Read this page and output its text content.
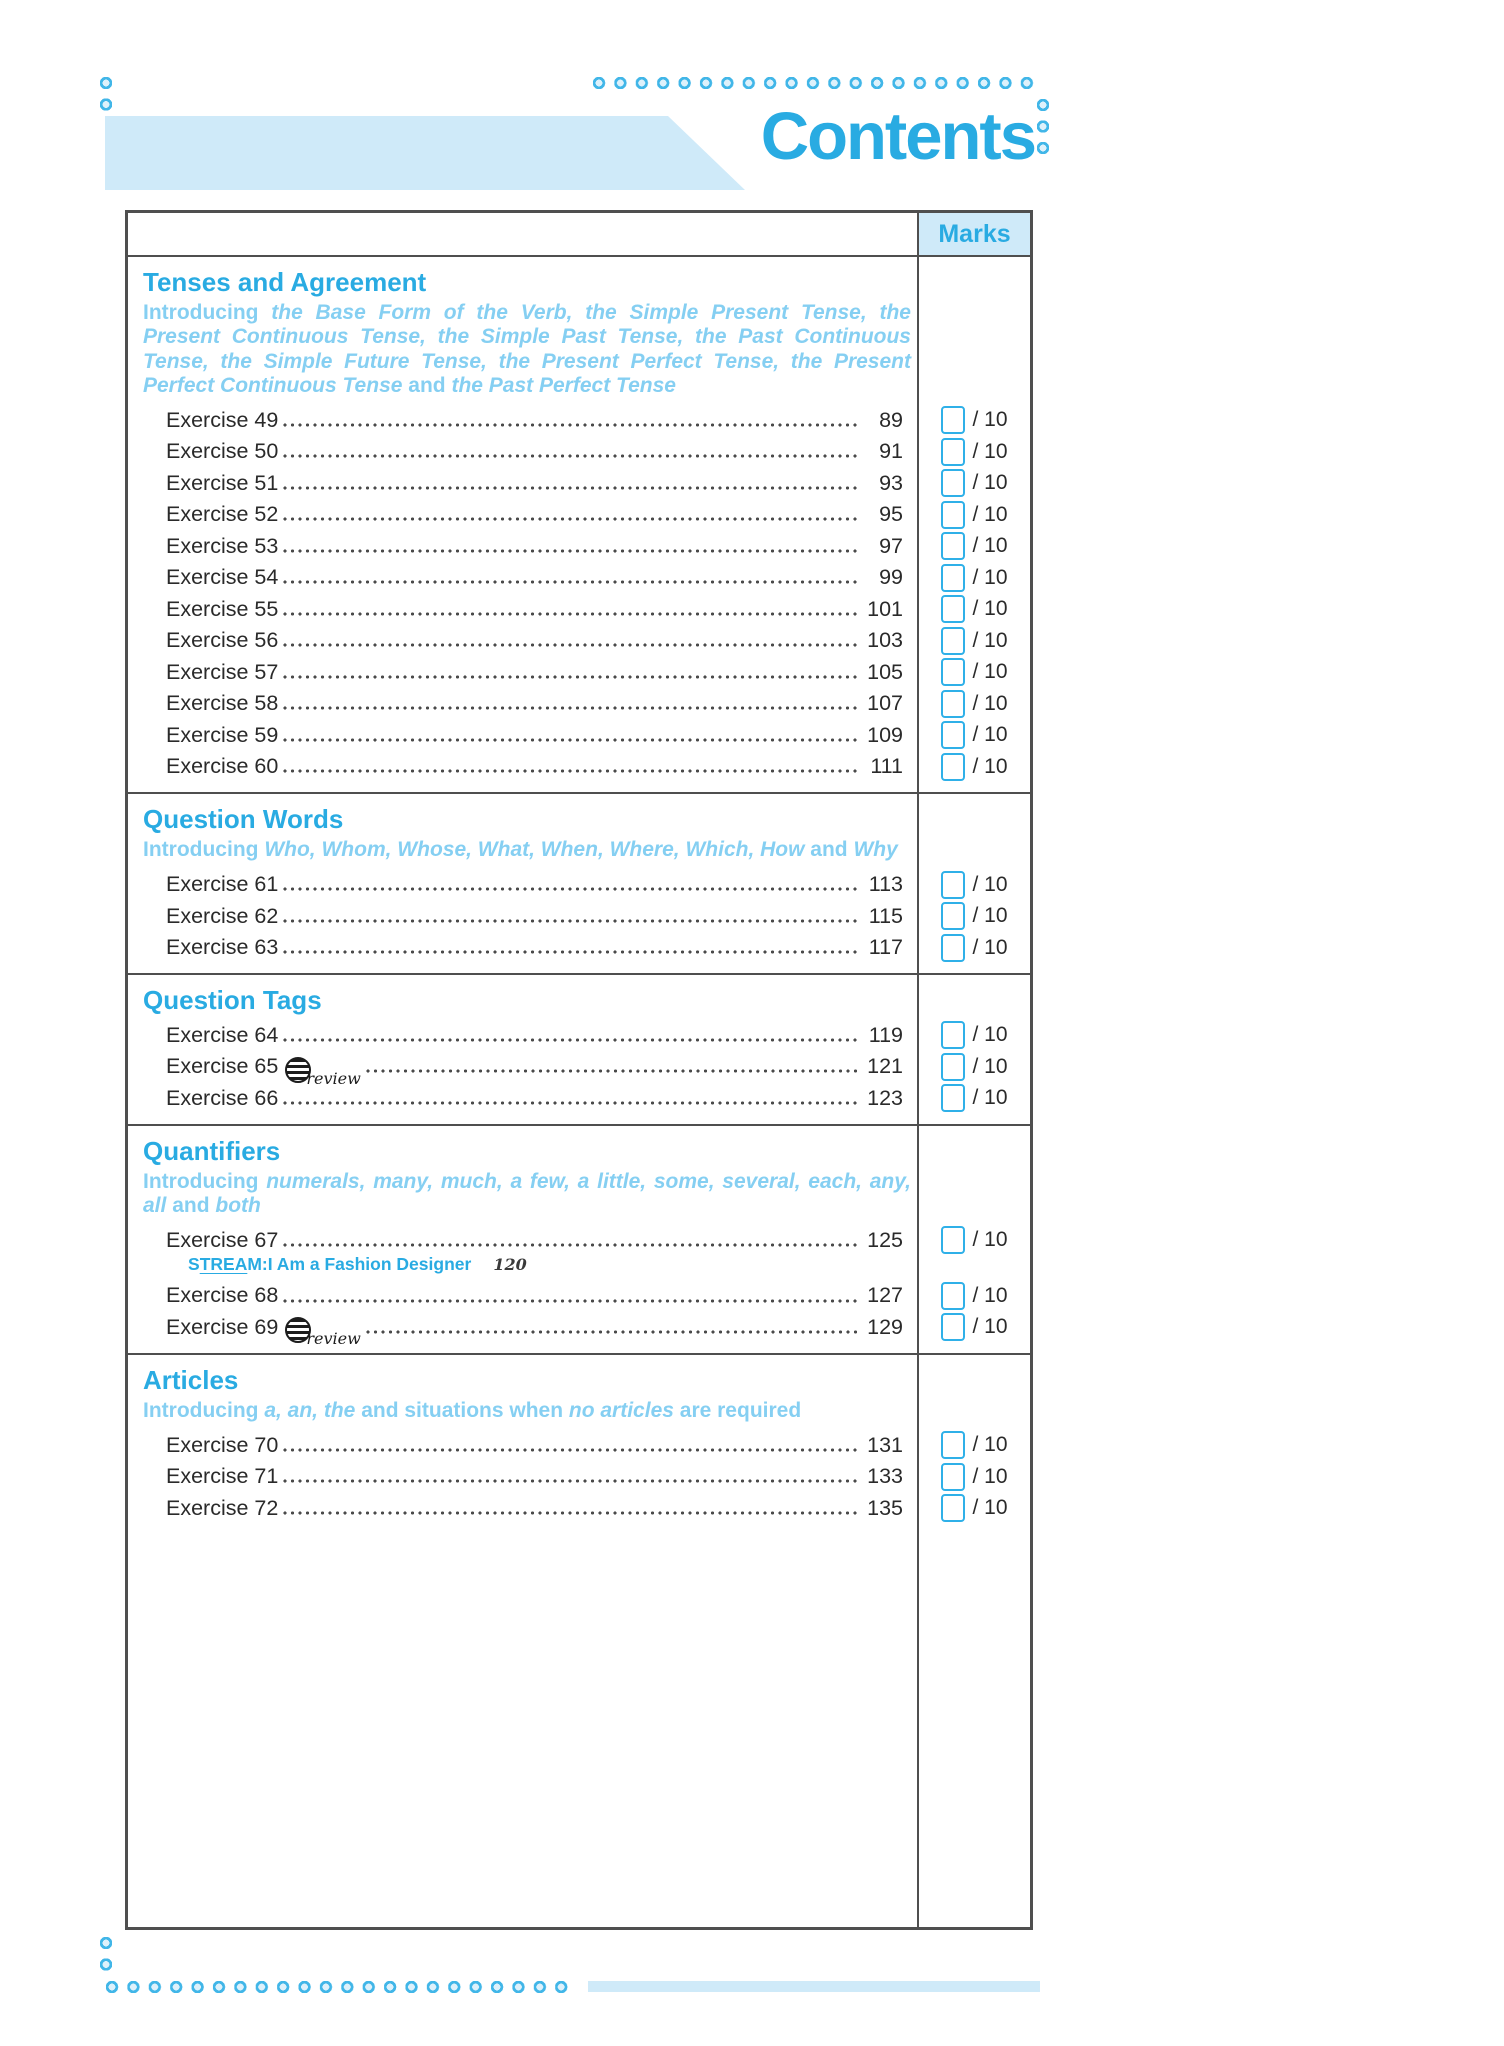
Contents
Marks
Tenses and Agreement
Introducing the Base Form of the Verb, the Simple Present Tense, the Present Continuous Tense, the Simple Past Tense, the Past Continuous Tense, the Simple Future Tense, the Present Perfect Tense, the Present Perfect Continuous Tense and the Past Perfect Tense
Exercise 49	89	/ 10
Exercise 50	91	/ 10
Exercise 51	93	/ 10
Exercise 52	95	/ 10
Exercise 53	97	/ 10
Exercise 54	99	/ 10
Exercise 55	101	/ 10
Exercise 56	103	/ 10
Exercise 57	105	/ 10
Exercise 58	107	/ 10
Exercise 59	109	/ 10
Exercise 60	111	/ 10
Question Words
Introducing Who, Whom, Whose, What, When, Where, Which, How and Why
Exercise 61	113	/ 10
Exercise 62	115	/ 10
Exercise 63	117	/ 10
Question Tags
Exercise 64	119	/ 10
Exercise 65 review	121	/ 10
Exercise 66	123	/ 10
Quantifiers
Introducing numerals, many, much, a few, a little, some, several, each, any, all and both
Exercise 67	125	/ 10
S TREA M: I Am a Fashion Designer 120
Exercise 68	127	/ 10
Exercise 69 review	129	/ 10
Articles
Introducing a, an, the and situations when no articles are required
Exercise 70	131	/ 10
Exercise 71	133	/ 10
Exercise 72	135	/ 10
